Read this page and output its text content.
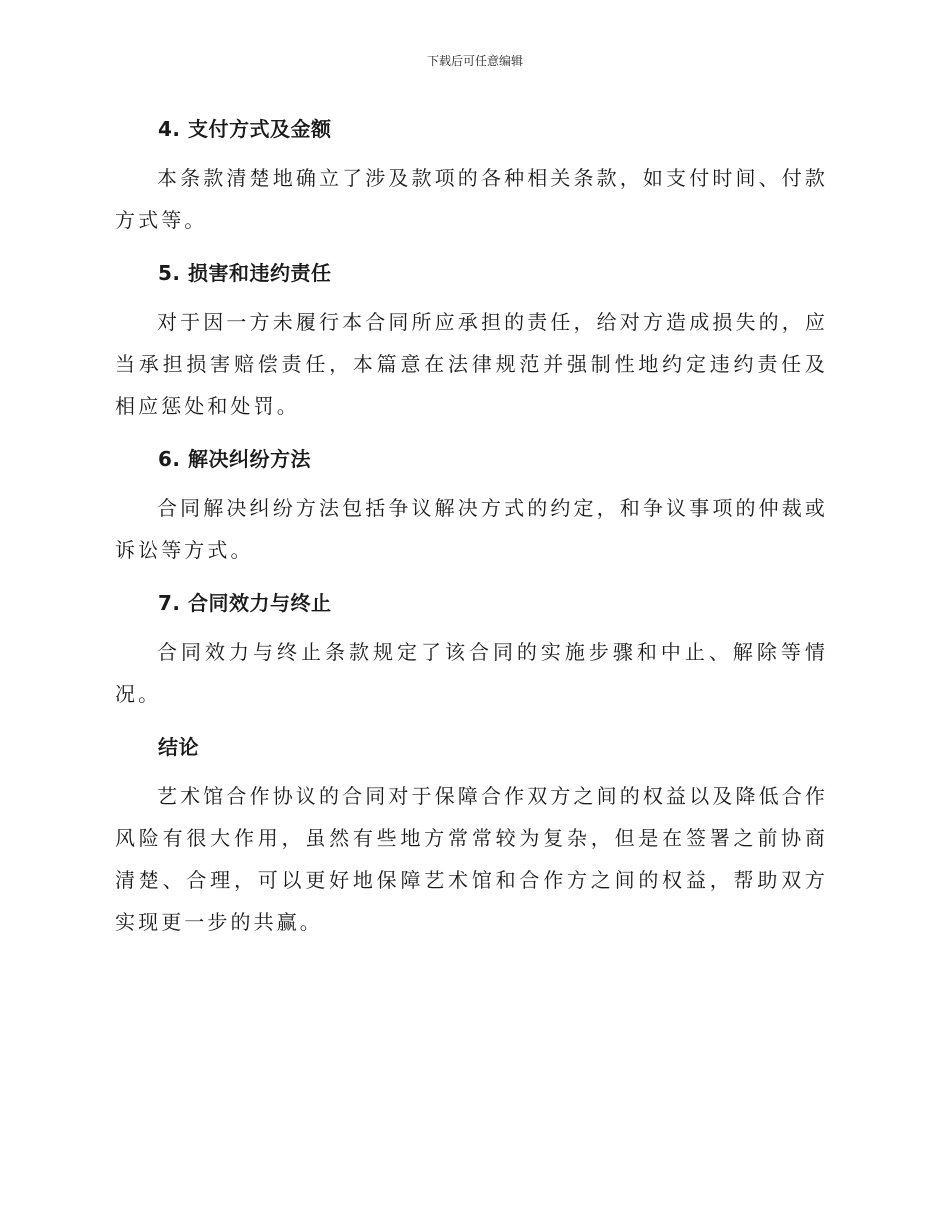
下载后可任意编辑
4. 支付方式及金额

本条款清楚地确立了涉及款项的各种相关条款，如支付时间、付款方式等。

5. 损害和违约责任

对于因一方未履行本合同所应承担的责任，给对方造成损失的，应当承担损害赔偿责任，本篇意在法律规范并强制性地约定违约责任及相应惩处和处罚。

6. 解决纠纷方法

合同解决纠纷方法包括争议解决方式的约定，和争议事项的仲裁或诉讼等方式。

7. 合同效力与终止

合同效力与终止条款规定了该合同的实施步骤和中止、解除等情况。

结论

艺术馆合作协议的合同对于保障合作双方之间的权益以及降低合作风险有很大作用，虽然有些地方常常较为复杂，但是在签署之前协商清楚、合理，可以更好地保障艺术馆和合作方之间的权益，帮助双方实现更一步的共赢。
